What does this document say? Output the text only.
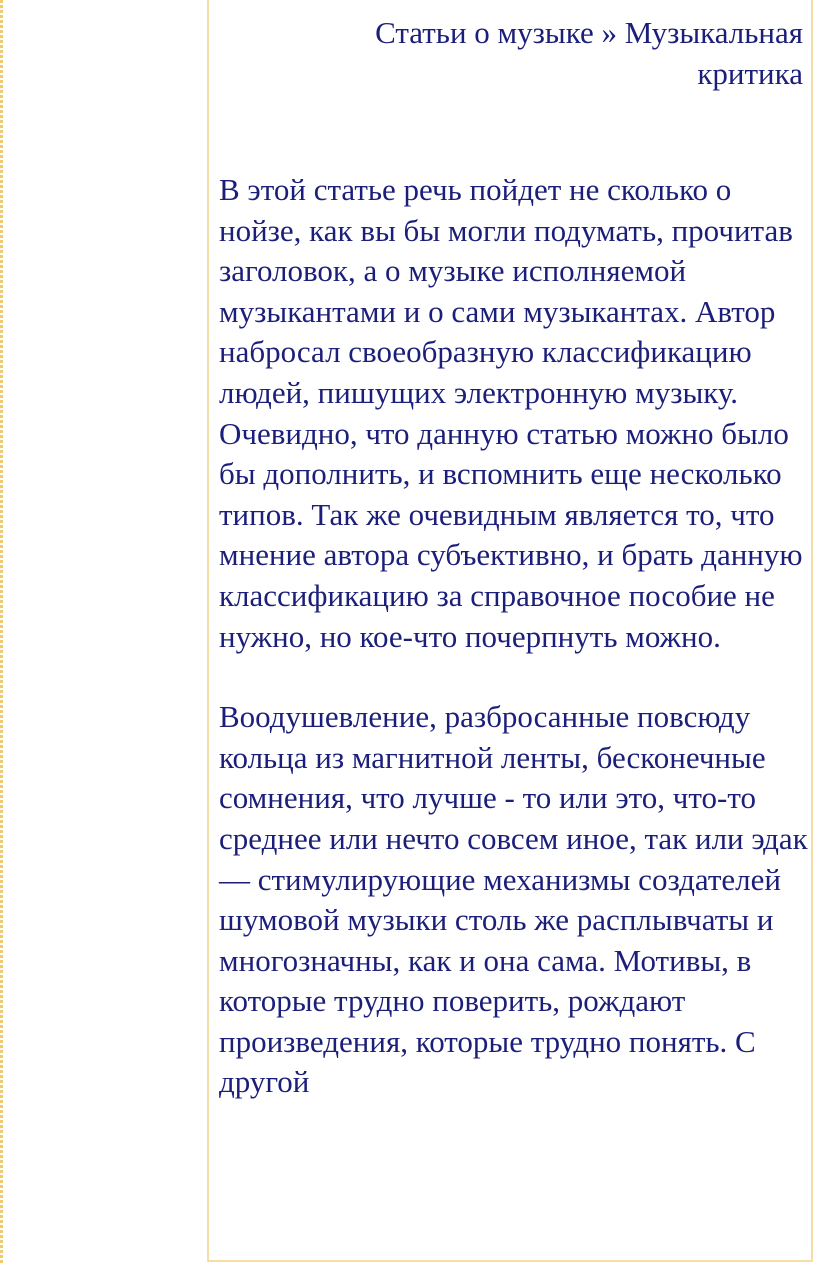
Статьи о музыке » Музыкальная критика

В этой статье речь пойдет не сколько о нойзе, как вы бы могли подумать, прочитав заголовок, а о музыке исполняемой музыкантами и о сами музыкантах. Автор набросал своеобразную классификацию людей, пишущих электронную музыку. Очевидно, что данную статью можно было бы дополнить, и вспомнить еще несколько типов. Так же очевидным является то, что мнение автора субъективно, и брать данную классификацию за справочное пособие не нужно, но кое-что почерпнуть можно.

Воодушевление, разбросанные повсюду кольца из магнитной ленты, бесконечные сомнения, что лучше - то или это, что-то среднее или нечто совсем иное, так или эдак — стимулирующие механизмы создателей шумовой музыки столь же расплывчаты и многозначны, как и она сама. Мотивы, в которые трудно поверить, рождают произведения, которые трудно понять. С другой
